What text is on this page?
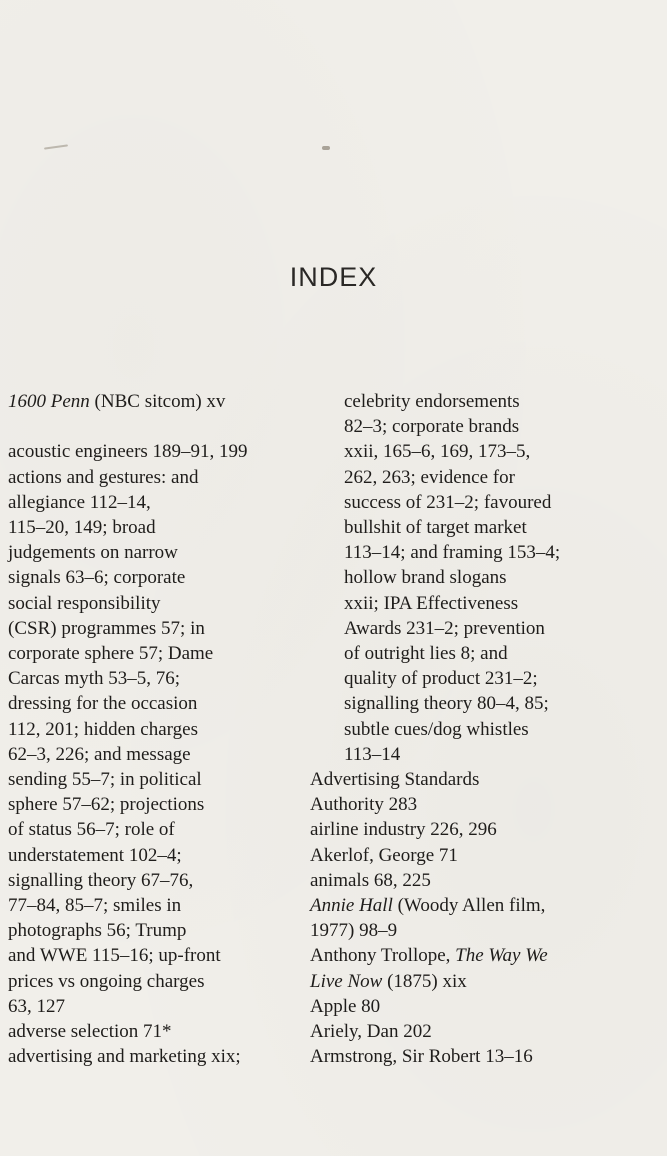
INDEX

1600 Penn (NBC sitcom) xv

acoustic engineers 189–91, 199

actions and gestures: and
allegiance 112–14,
115–20, 149; broad
judgements on narrow
signals 63–6; corporate
social responsibility
(CSR) programmes 57; in
corporate sphere 57; Dame
Carcas myth 53–5, 76;
dressing for the occasion
112, 201; hidden charges
62–3, 226; and message
sending 55–7; in political
sphere 57–62; projections
of status 56–7; role of
understatement 102–4;
signalling theory 67–76,
77–84, 85–7; smiles in
photographs 56; Trump
and WWE 115–16; up-front
prices vs ongoing charges
63, 127

adverse selection 71*

advertising and marketing xix;

celebrity endorsements
82–3; corporate brands
xxii, 165–6, 169, 173–5,
262, 263; evidence for
success of 231–2; favoured
bullshit of target market
113–14; and framing 153–4;
hollow brand slogans
xxii; IPA Effectiveness
Awards 231–2; prevention
of outright lies 8; and
quality of product 231–2;
signalling theory 80–4, 85;
subtle cues/dog whistles
113–14

Advertising Standards
Authority 283

airline industry 226, 296

Akerlof, George 71

animals 68, 225

Annie Hall (Woody Allen film,
1977) 98–9

Anthony Trollope, The Way We
Live Now (1875) xix

Apple 80

Ariely, Dan 202

Armstrong, Sir Robert 13–16
